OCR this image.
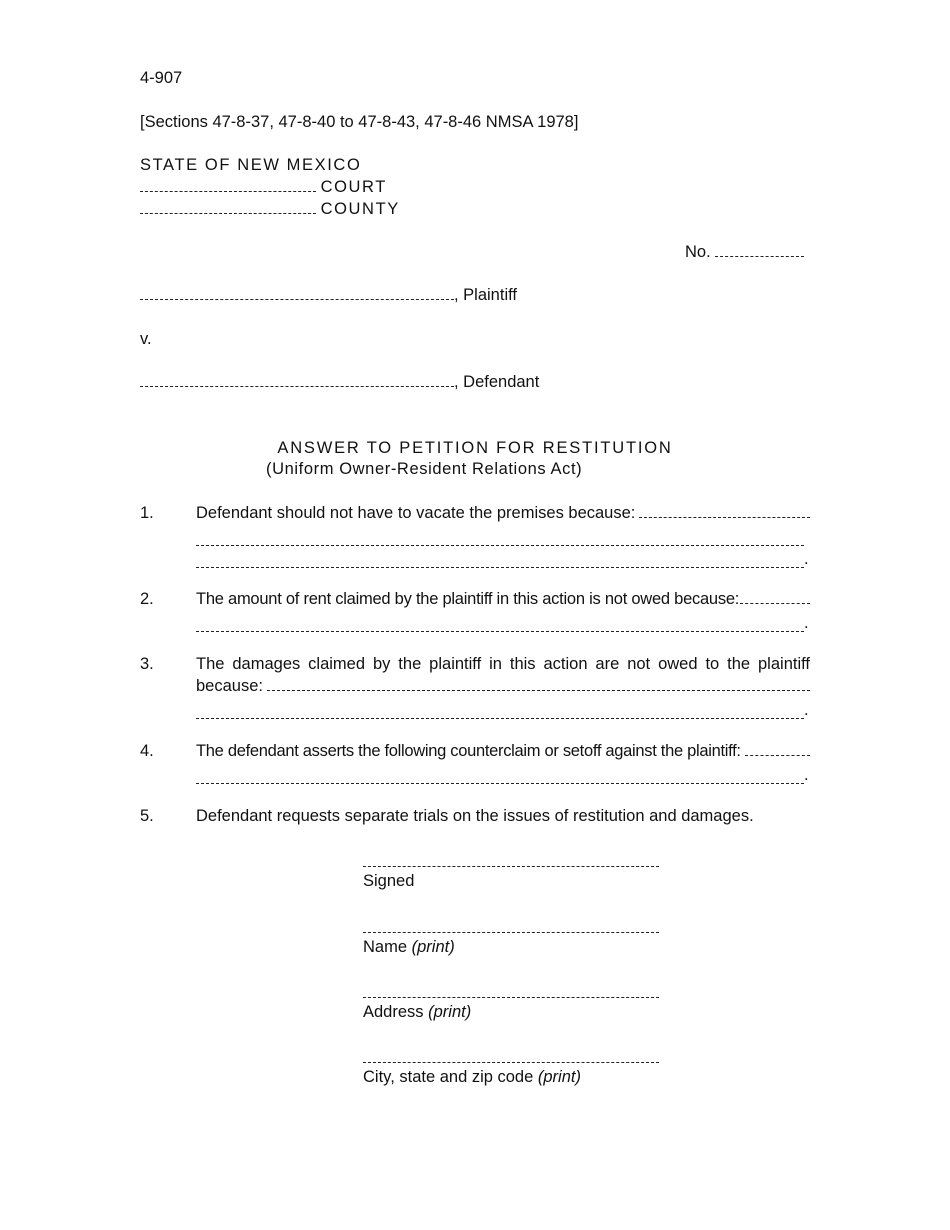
4-907
[Sections 47-8-37, 47-8-40 to 47-8-43, 47-8-46 NMSA 1978]
STATE OF NEW MEXICO
COURT
COUNTY
No.
, Plaintiff
v.
, Defendant
ANSWER TO PETITION FOR RESTITUTION
(Uniform Owner-Resident Relations Act)
1.	Defendant should not have to vacate the premises because:
.
2.	The amount of rent claimed by the plaintiff in this action is not owed because:
.
3.	The damages claimed by the plaintiff in this action are not owed to the plaintiff
because:
.
4.	The defendant asserts the following counterclaim or setoff against the plaintiff:
.
5.	Defendant requests separate trials on the issues of restitution and damages.
Signed
Name (print)
Address (print)
City, state and zip code (print)
